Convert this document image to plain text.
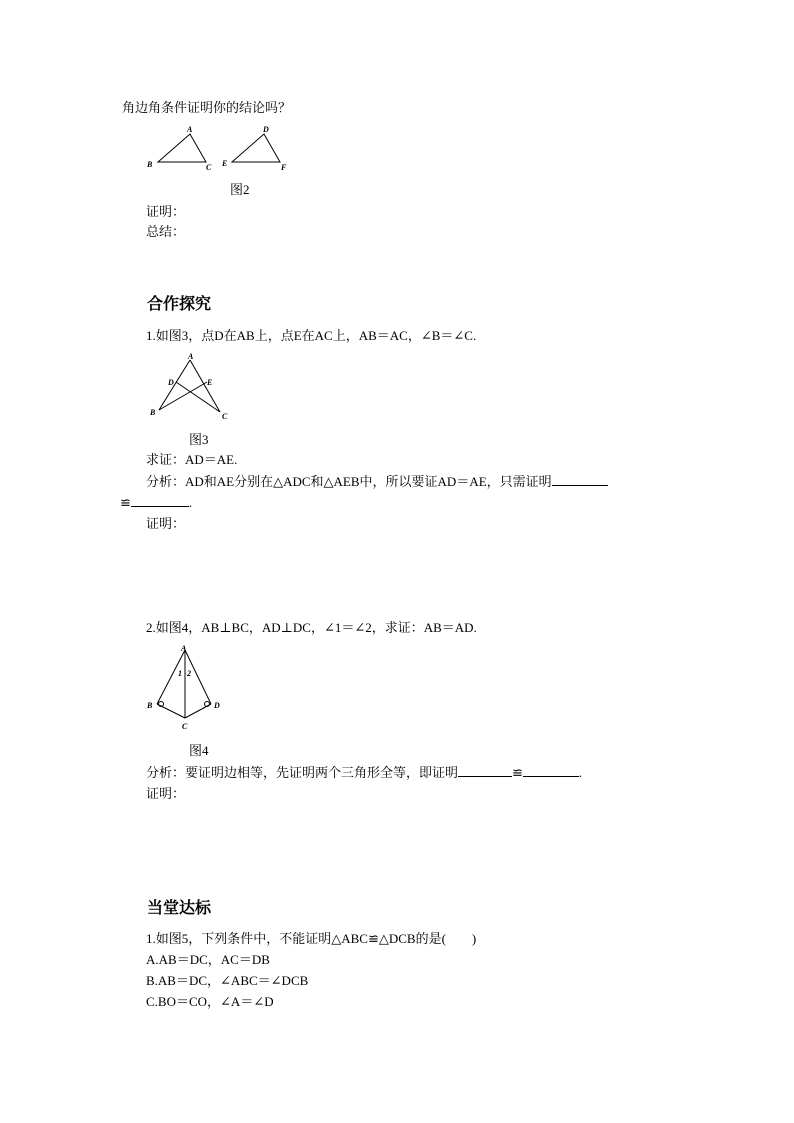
角边角条件证明你的结论吗？
A
B	C
D
E	F
图2
证明：
总结：
合作探究
1.如图3，点D在AB上，点E在AC上，AB＝AC，∠B＝∠C.
A
D	E
B	C
图3
求证：AD＝AE.
分析：AD和AE分别在△ADC和△AEB中，所以要证AD＝AE，只需证明
≌	.
证明：
2.如图4，AB⊥BC，AD⊥DC，∠1＝∠2，求证：AB＝AD.
A
1 2
B	D
C
图4
分析：要证明边相等，先证明两个三角形全等，即证明	≌	.
证明：
当堂达标
1.如图5，下列条件中，不能证明△ABC≌△DCB的是(　　)
A.AB＝DC，AC＝DB
B.AB＝DC，∠ABC＝∠DCB
C.BO＝CO，∠A＝∠D
